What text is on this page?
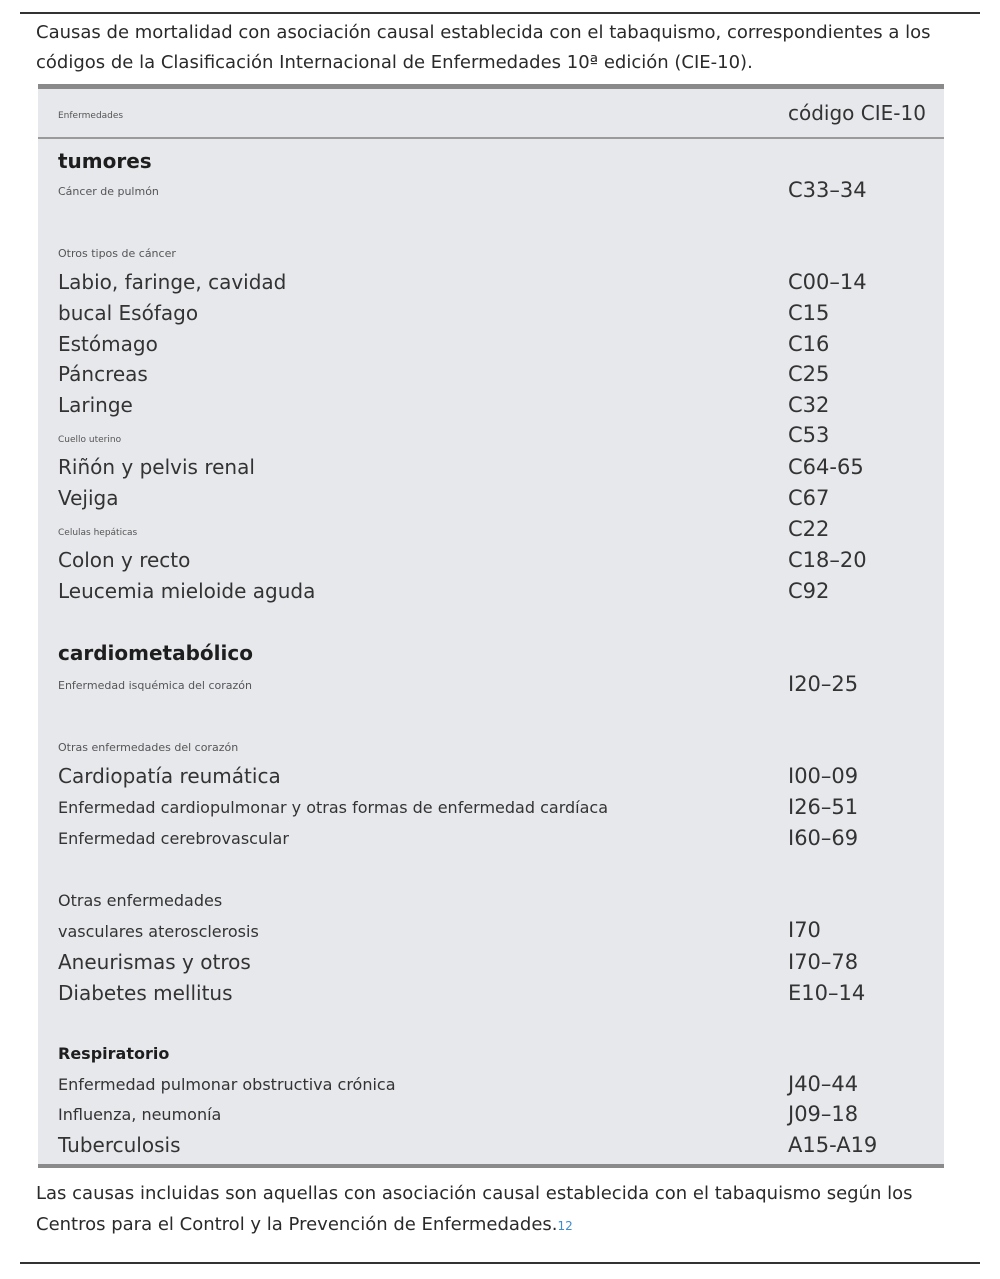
Causas de mortalidad con asociación causal establecida con el tabaquismo, correspondientes a los códigos de la Clasificación Internacional de Enfermedades 10ª edición (CIE-10).
Enfermedades	código CIE-10
tumores
Cáncer de pulmón	C33–34
Otros tipos de cáncer
Labio, faringe, cavidad	C00–14
bucal Esófago	C15
Estómago	C16
Páncreas	C25
Laringe	C32
Cuello uterino	C53
Riñón y pelvis renal	C64-65
Vejiga	C67
Celulas hepáticas	C22
Colon y recto	C18–20
Leucemia mieloide aguda	C92
cardiometabólico
Enfermedad isquémica del corazón	I20–25
Otras enfermedades del corazón
Cardiopatía reumática	I00–09
Enfermedad cardiopulmonar y otras formas de enfermedad cardíaca	I26–51
Enfermedad cerebrovascular	I60–69
Otras enfermedades
vasculares aterosclerosis	I70
Aneurismas y otros	I70–78
Diabetes mellitus	E10–14
Respiratorio
Enfermedad pulmonar obstructiva crónica	J40–44
Influenza, neumonía	J09–18
Tuberculosis	A15-A19
Las causas incluidas son aquellas con asociación causal establecida con el tabaquismo según los Centros para el Control y la Prevención de Enfermedades.12
